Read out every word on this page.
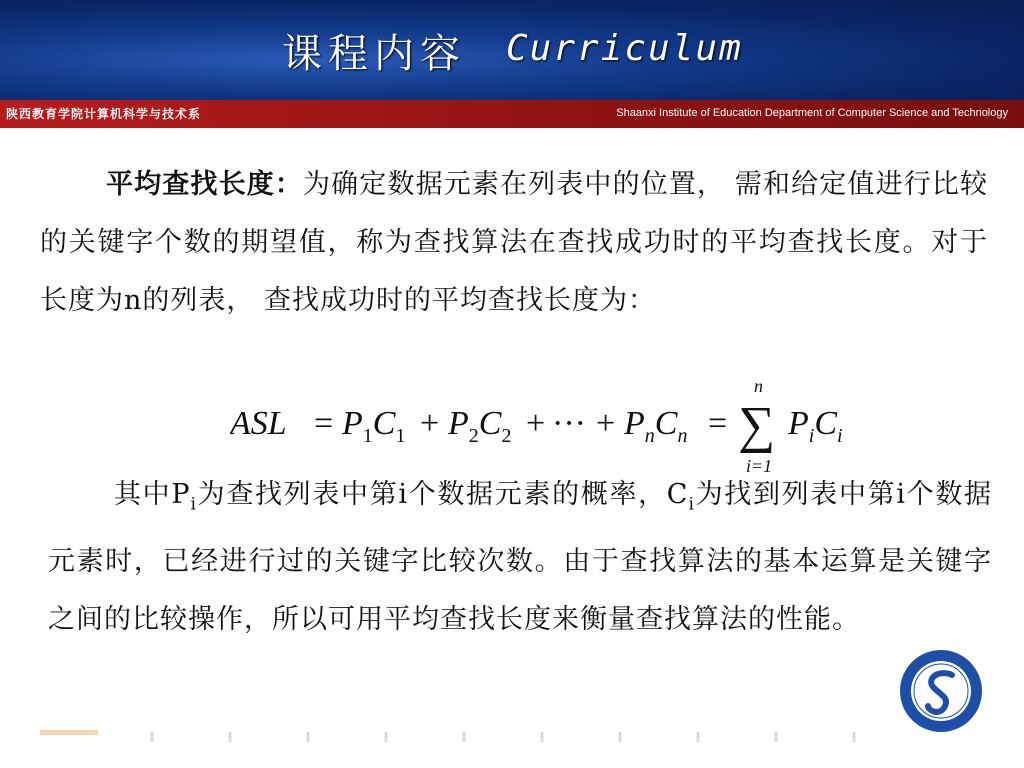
课程内容 Curriculum
陕西教育学院计算机科学与技术系	Shaanxi Institute of Education Department of Computer Science and Technology
平均查找长度：为确定数据元素在列表中的位置， 需和给定值进行比较的关键字个数的期望值，称为查找算法在查找成功时的平均查找长度。对于长度为n的列表， 查找成功时的平均查找长度为：
ASL = $P_1C_1 + P_2C_2$ + ··· + $P_nC_n$ = ∑
n
i=1
$P_iC_i$
其中$P_i$为查找列表中第i个数据元素的概率，$C_i$为找到列表中第i个数据元素时，已经进行过的关键字比较次数。由于查找算法的基本运算是关键字之间的比较操作，所以可用平均查找长度来衡量查找算法的性能。
